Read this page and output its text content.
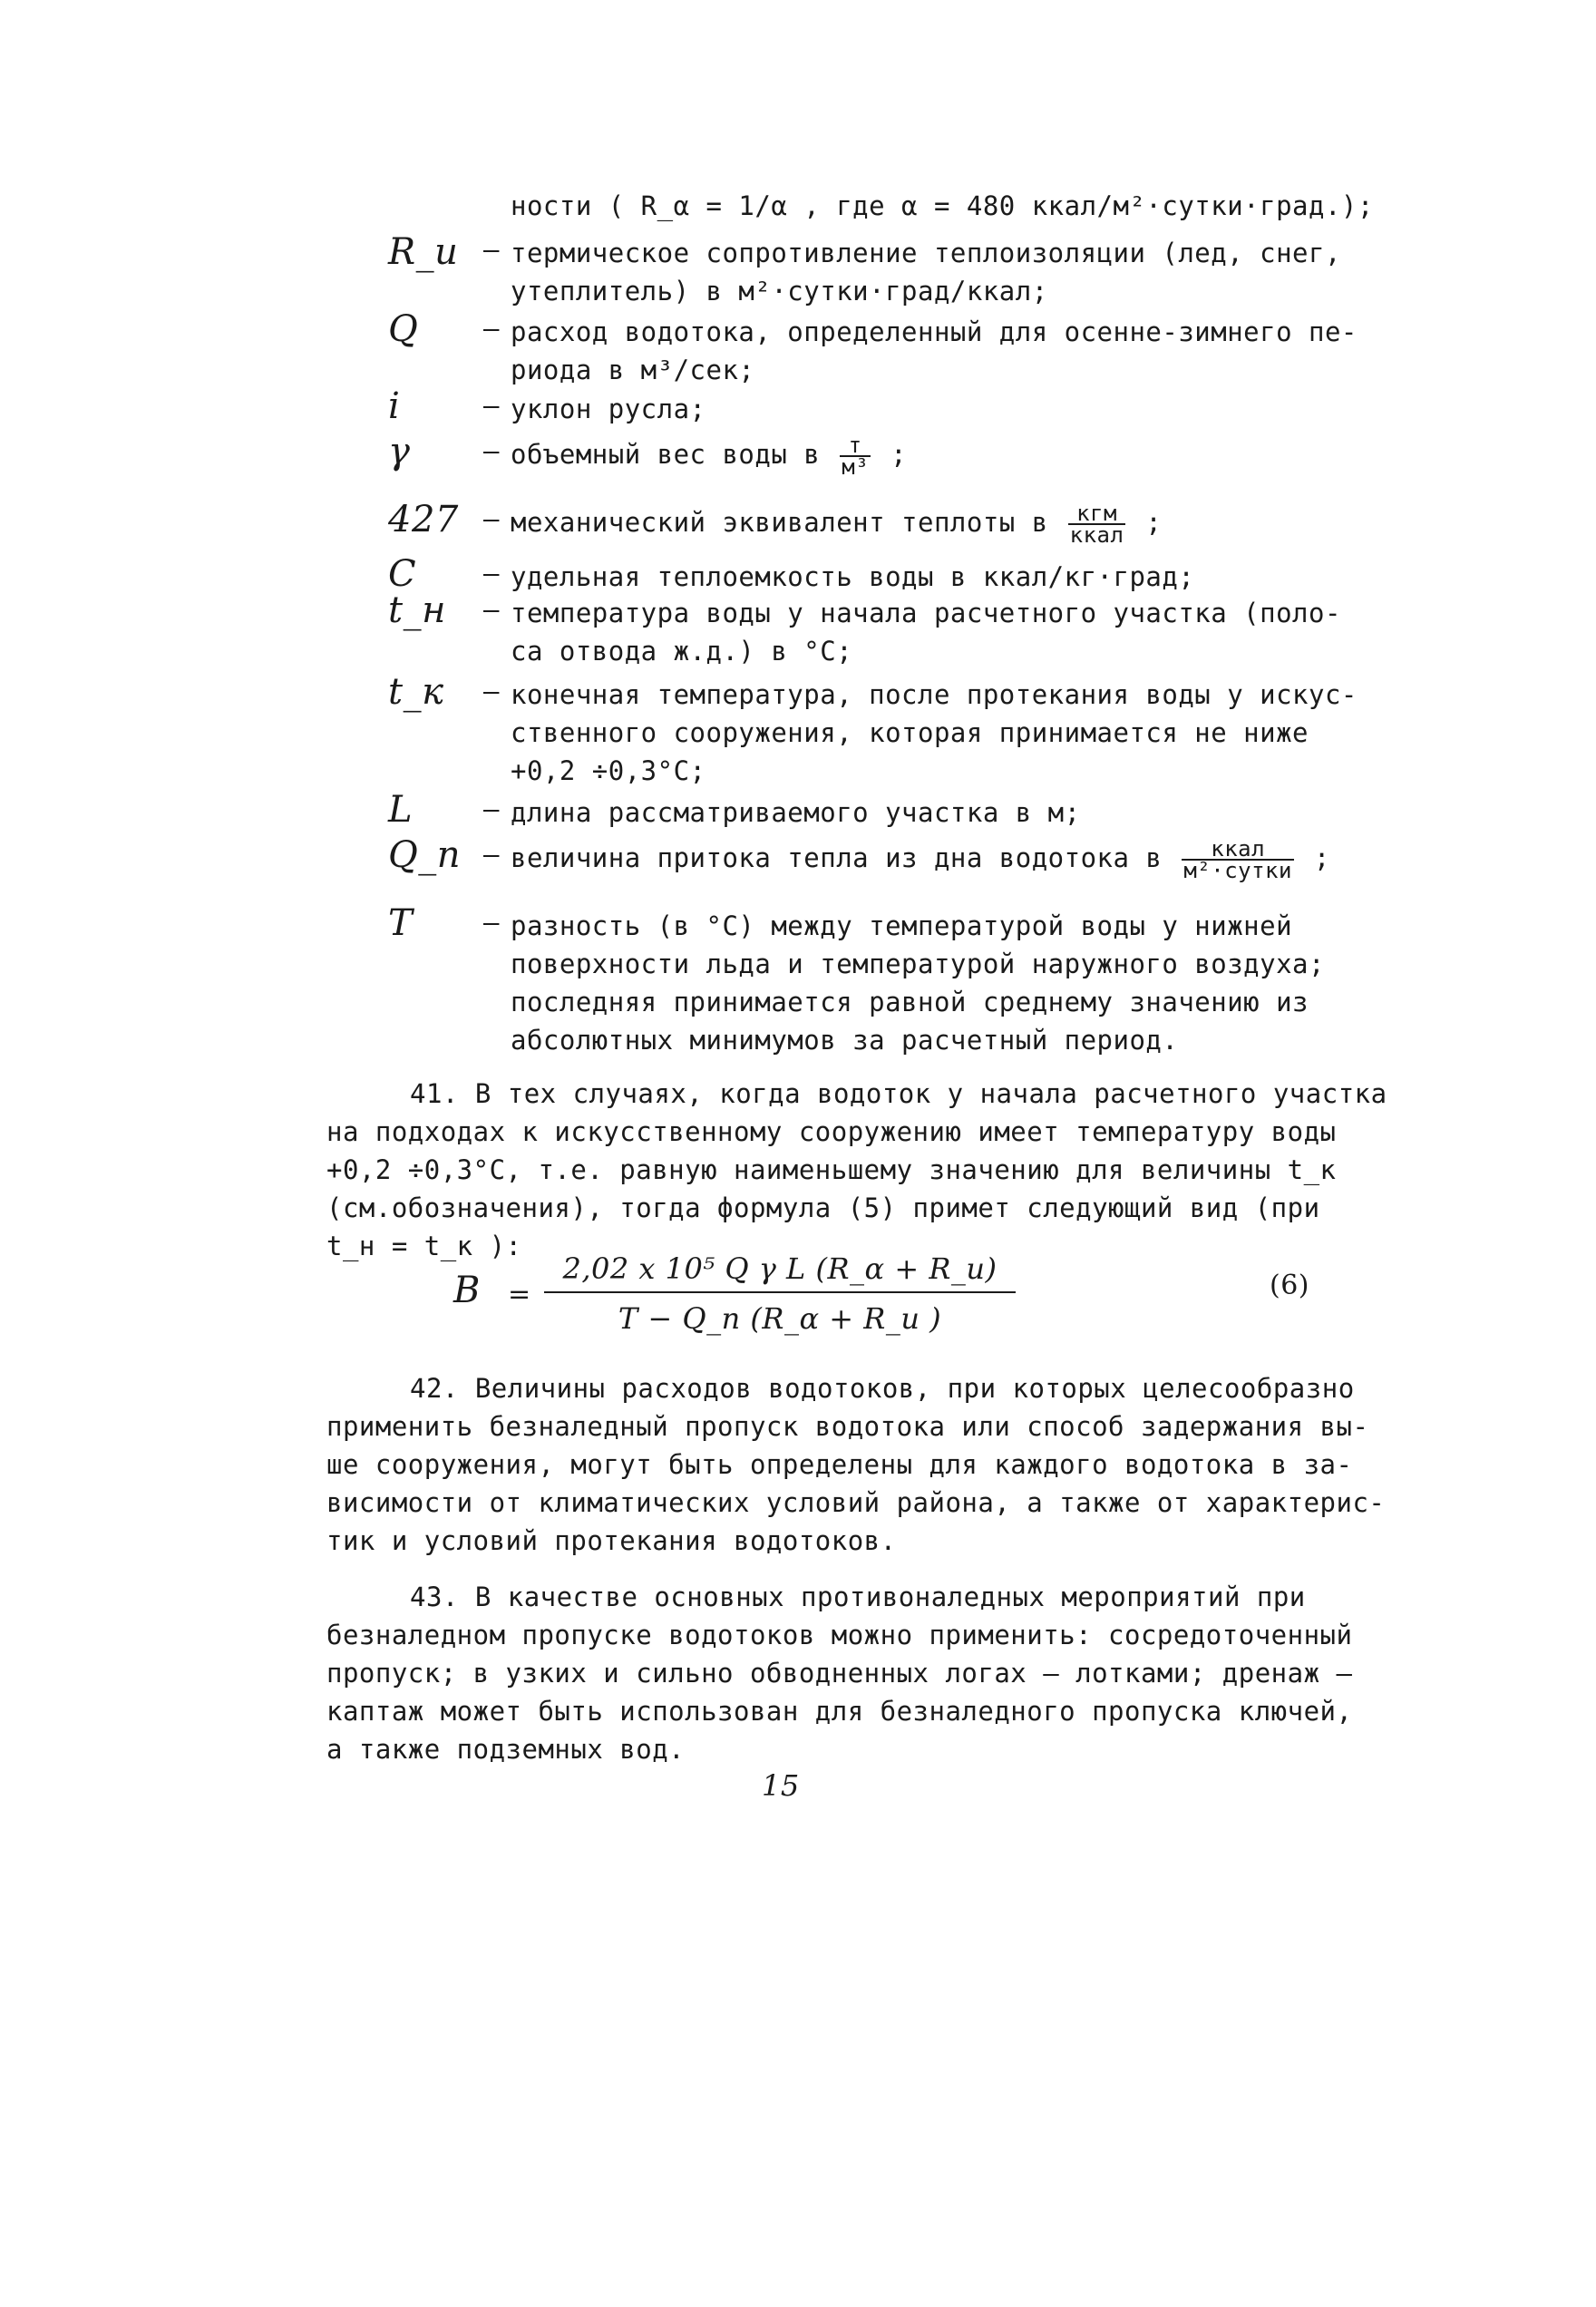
ности ( R_α = 1/α , где α = 480 ккал/м²·сутки·град.);
R_u – термическое сопротивление теплоизоляции (лед, снег,
утеплитель) в м²·сутки·град/ккал;
Q	– расход водотока, определенный для осенне-зимнего пе-
риода в м³/сек;
i	– уклон русла;
γ	– объемный вес воды в $\frac{т}{\text{м³}}$ ;
427 – механический эквивалент теплоты в $\frac{\text{кгм}}{\text{ккал}}$ ;
C	– удельная теплоемкость воды в ккал/кг·град;
t_н	– температура воды у начала расчетного участка (поло-
са отвода ж.д.) в °С;
t_к	– конечная температура, после протекания воды у искус-
ственного сооружения, которая принимается не ниже
+0,2 ÷0,3°С;
L	– длина рассматриваемого участка в м;
Q_п – величина притока тепла из дна водотока в $\frac{\text{ккал}}{\text{м²·сутки}}$ ;
T	– разность (в °С) между температурой воды у нижней
поверхности льда и температурой наружного воздуха;
последняя принимается равной среднему значению из
абсолютных минимумов за расчетный период.
41. В тех случаях, когда водоток у начала расчетного участка
на подходах к искусственному сооружению имеет температуру воды
+0,2 ÷0,3°С, т.е. равную наименьшему значению для величины t_к
(см.обозначения), тогда формула (5) примет следующий вид (при
t_н = t_к ):
B =
2,02 x 10⁵ Q γ L (R_α + R_u)
T − Q_п (R_α + R_u )
(6)
42. Величины расходов водотоков, при которых целесообразно
применить безналедный пропуск водотока или способ задержания вы-
ше сооружения, могут быть определены для каждого водотока в за-
висимости от климатических условий района, а также от характерис-
тик и условий протекания водотоков.
43. В качестве основных противоналедных мероприятий при
безналедном пропуске водотоков можно применить: сосредоточенный
пропуск; в узких и сильно обводненных логах – лотками; дренаж –
каптаж может быть использован для безналедного пропуска ключей,
а также подземных вод.
15
